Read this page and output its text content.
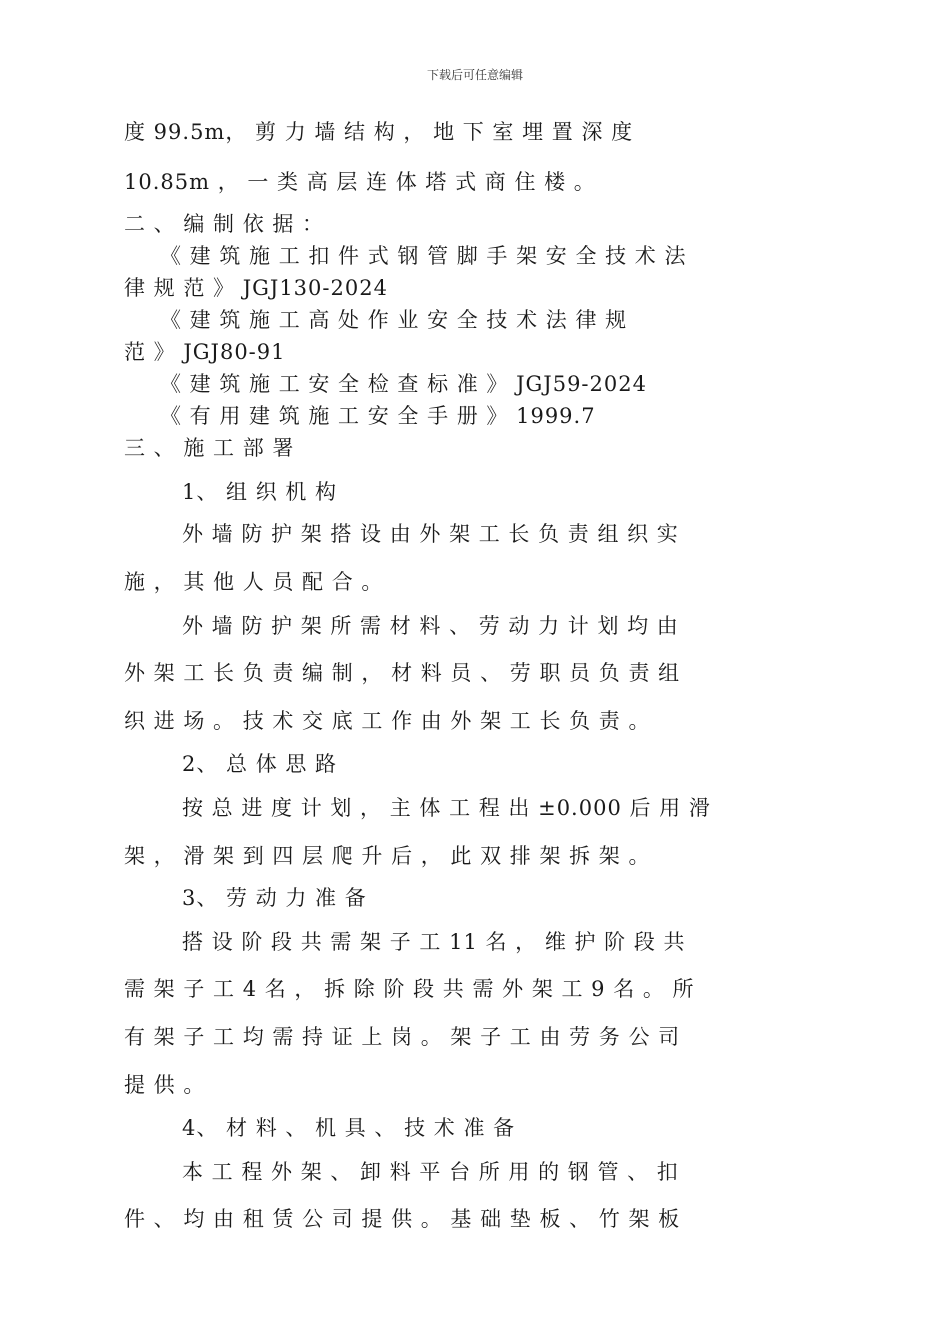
下载后可任意编辑
度 99.5m， 剪 力 墙 结 构 ， 地 下 室 埋 置 深 度
10.85m ， 一 类 高 层 连 体 塔 式 商 住 楼 。
二 、 编 制 依 据 ：
《 建 筑 施 工 扣 件 式 钢 管 脚 手 架 安 全 技 术 法
律 规 范 》 JGJ130-2024
《 建 筑 施 工 高 处 作 业 安 全 技 术 法 律 规
范 》 JGJ80-91
《 建 筑 施 工 安 全 检 查 标 准 》 JGJ59-2024
《 有 用 建 筑 施 工 安 全 手 册 》 1999.7
三 、 施 工 部 署
1、 组 织 机 构
外 墙 防 护 架 搭 设 由 外 架 工 长 负 责 组 织 实
施 ， 其 他 人 员 配 合 。
外 墙 防 护 架 所 需 材 料 、 劳 动 力 计 划 均 由
外 架 工 长 负 责 编 制 ， 材 料 员 、 劳 职 员 负 责 组
织 进 场 。 技 术 交 底 工 作 由 外 架 工 长 负 责 。
2、 总 体 思 路
按 总 进 度 计 划 ， 主 体 工 程 出 ±0.000 后 用 滑
架 ， 滑 架 到 四 层 爬 升 后 ， 此 双 排 架 拆 架 。
3、 劳 动 力 准 备
搭 设 阶 段 共 需 架 子 工 11 名 ， 维 护 阶 段 共
需 架 子 工 4 名 ， 拆 除 阶 段 共 需 外 架 工 9 名 。 所
有 架 子 工 均 需 持 证 上 岗 。 架 子 工 由 劳 务 公 司
提 供 。
4、 材 料 、 机 具 、 技 术 准 备
本 工 程 外 架 、 卸 料 平 台 所 用 的 钢 管 、 扣
件 、 均 由 租 赁 公 司 提 供 。 基 础 垫 板 、 竹 架 板
